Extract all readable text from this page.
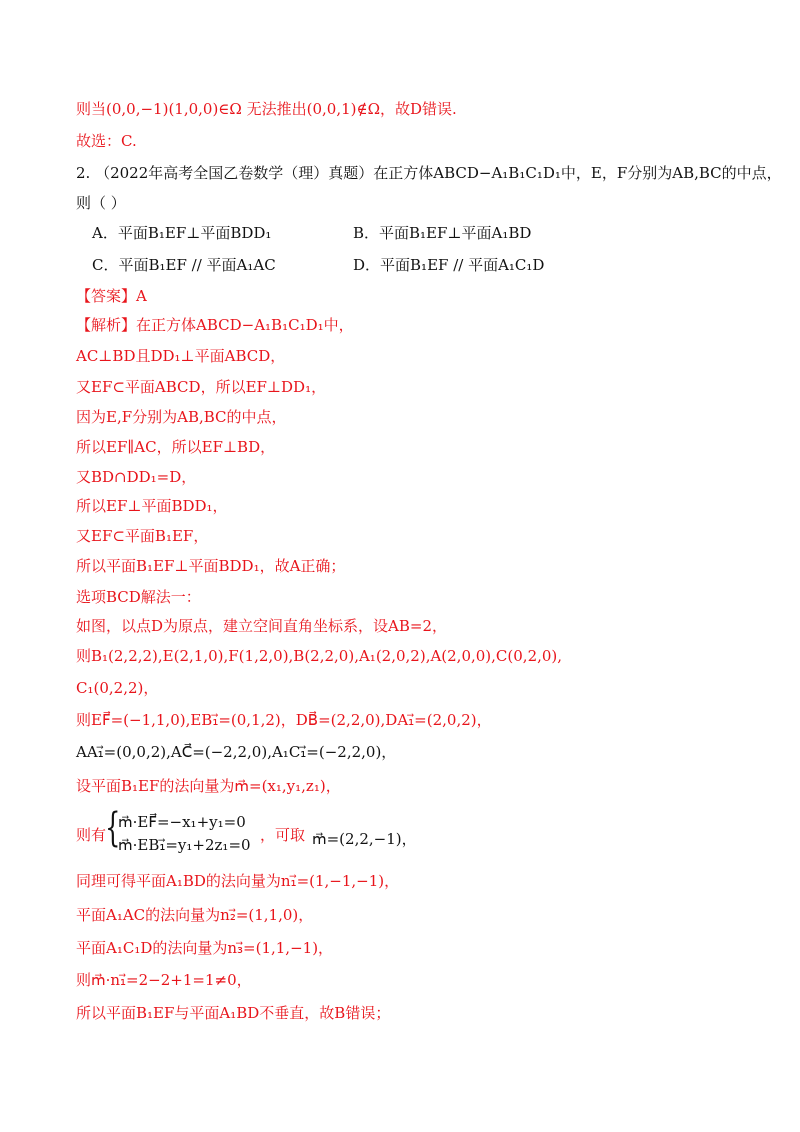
则当(0,0,−1)(1,0,0)∈Ω 无法推出(0,0,1)∉Ω，故D错误.
故选：C.
2. （2022年高考全国乙卷数学（理）真题）在正方体ABCD−A₁B₁C₁D₁中，E，F分别为AB,BC的中点，
则（ ）
A．平面B₁EF⊥平面BDD₁	B．平面B₁EF⊥平面A₁BD
C．平面B₁EF // 平面A₁AC	D．平面B₁EF // 平面A₁C₁D
【答案】A
【解析】在正方体ABCD−A₁B₁C₁D₁中，
AC⊥BD且DD₁⊥平面ABCD，
又EF⊂平面ABCD，所以EF⊥DD₁，
因为E,F分别为AB,BC的中点，
所以EF∥AC，所以EF⊥BD，
又BD∩DD₁=D，
所以EF⊥平面BDD₁，
又EF⊂平面B₁EF，
所以平面B₁EF⊥平面BDD₁，故A正确；
选项BCD解法一：
如图，以点D为原点，建立空间直角坐标系，设AB=2，
则B₁(2,2,2),E(2,1,0),F(1,2,0),B(2,2,0),A₁(2,0,2),A(2,0,0),C(0,2,0),
C₁(0,2,2)，
则EF⃗=(−1,1,0),EB₁⃗=(0,1,2)，DB⃗=(2,2,0),DA₁⃗=(2,0,2)，
AA₁⃗=(0,0,2),AC⃗=(−2,2,0),A₁C₁⃗=(−2,2,0)，
设平面B₁EF的法向量为m⃗=(x₁,y₁,z₁)，
则有 {
m⃗·EF⃗=−x₁+y₁=0
m⃗·EB₁⃗=y₁+2z₁=0
，可取 m⃗=(2,2,−1)，
同理可得平面A₁BD的法向量为n₁⃗=(1,−1,−1)，
平面A₁AC的法向量为n₂⃗=(1,1,0)，
平面A₁C₁D的法向量为n₃⃗=(1,1,−1)，
则m⃗·n₁⃗=2−2+1=1≠0，
所以平面B₁EF与平面A₁BD不垂直，故B错误；
